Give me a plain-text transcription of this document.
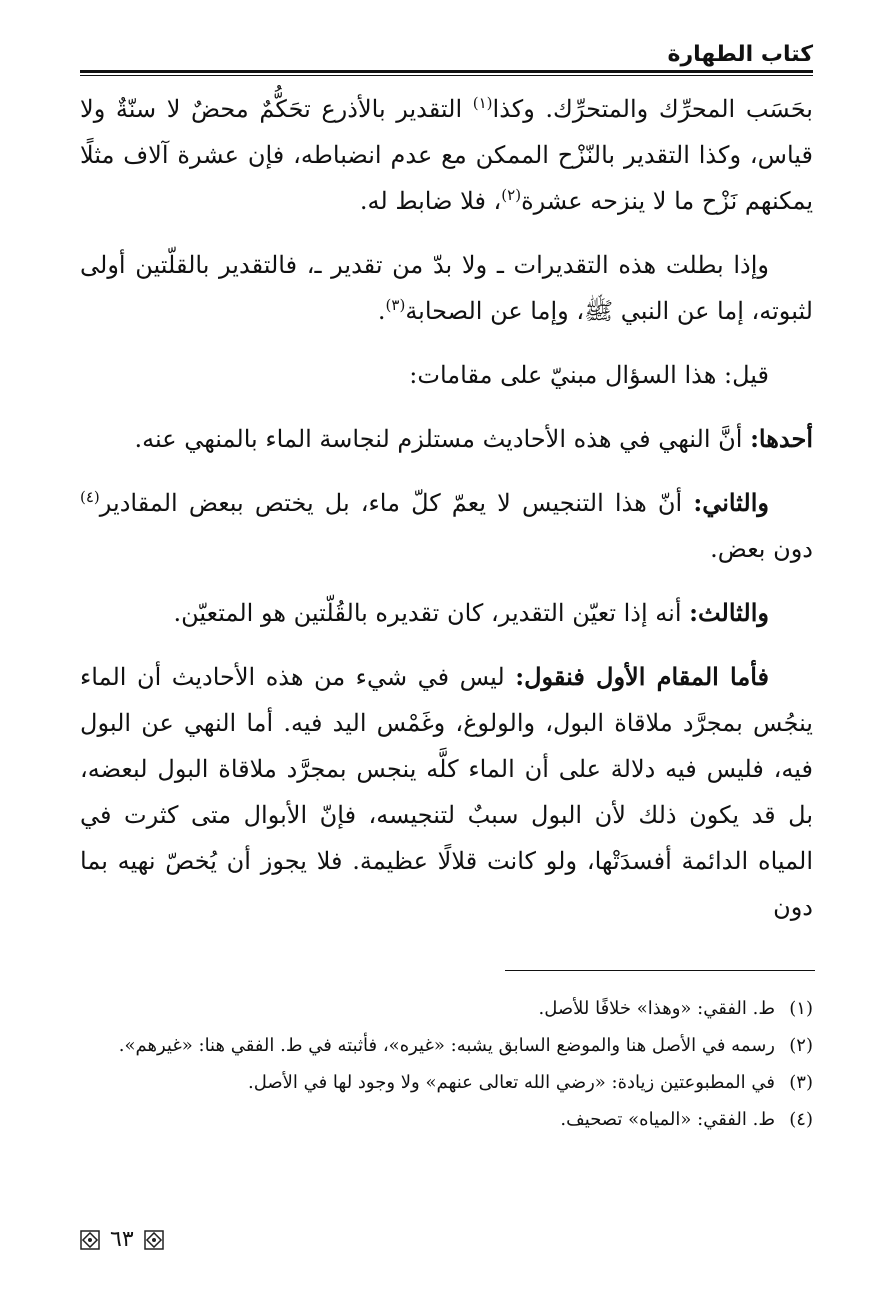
كتاب الطهارة

بحَسَب المحرِّك والمتحرِّك. وكذا$^{(١)}$ التقدير بالأذرع تحَكُّمٌ محضٌ لا سنّةٌ ولا قياس، وكذا التقدير بالنّزْح الممكن مع عدم انضباطه، فإن عشرة آلاف مثلًا يمكنهم نَزْح ما لا ينزحه عشرة$^{(٢)}$، فلا ضابط له.

وإذا بطلت هذه التقديرات ـ ولا بدّ من تقدير ـ، فالتقدير بالقلّتين أولى لثبوته، إما عن النبي ﷺ، وإما عن الصحابة$^{(٣)}$.

قيل: هذا السؤال مبنيّ على مقامات:

أحدها: أنَّ النهي في هذه الأحاديث مستلزم لنجاسة الماء بالمنهي عنه.

والثاني: أنّ هذا التنجيس لا يعمّ كلّ ماء، بل يختص ببعض المقادير$^{(٤)}$ دون بعض.

والثالث: أنه إذا تعيّن التقدير، كان تقديره بالقُلّتين هو المتعيّن.

فأما المقام الأول فنقول: ليس في شيء من هذه الأحاديث أن الماء ينجُس بمجرَّد ملاقاة البول، والولوغ، وغَمْس اليد فيه. أما النهي عن البول فيه، فليس فيه دلالة على أن الماء كلَّه ينجس بمجرَّد ملاقاة البول لبعضه، بل قد يكون ذلك لأن البول سببٌ لتنجيسه، فإنّ الأبوال متى كثرت في المياه الدائمة أفسدَتْها، ولو كانت قلالًا عظيمة. فلا يجوز أن يُخصّ نهيه بما دون

(١)
ط. الفقي: «وهذا» خلافًا للأصل.
(٢)
رسمه في الأصل هنا والموضع السابق يشبه: «غيره»، فأثبته في ط. الفقي هنا: «غيرهم».
(٣)
في المطبوعتين زيادة: «رضي الله تعالى عنهم» ولا وجود لها في الأصل.
(٤)
ط. الفقي: «المياه» تصحيف.
٦٣
